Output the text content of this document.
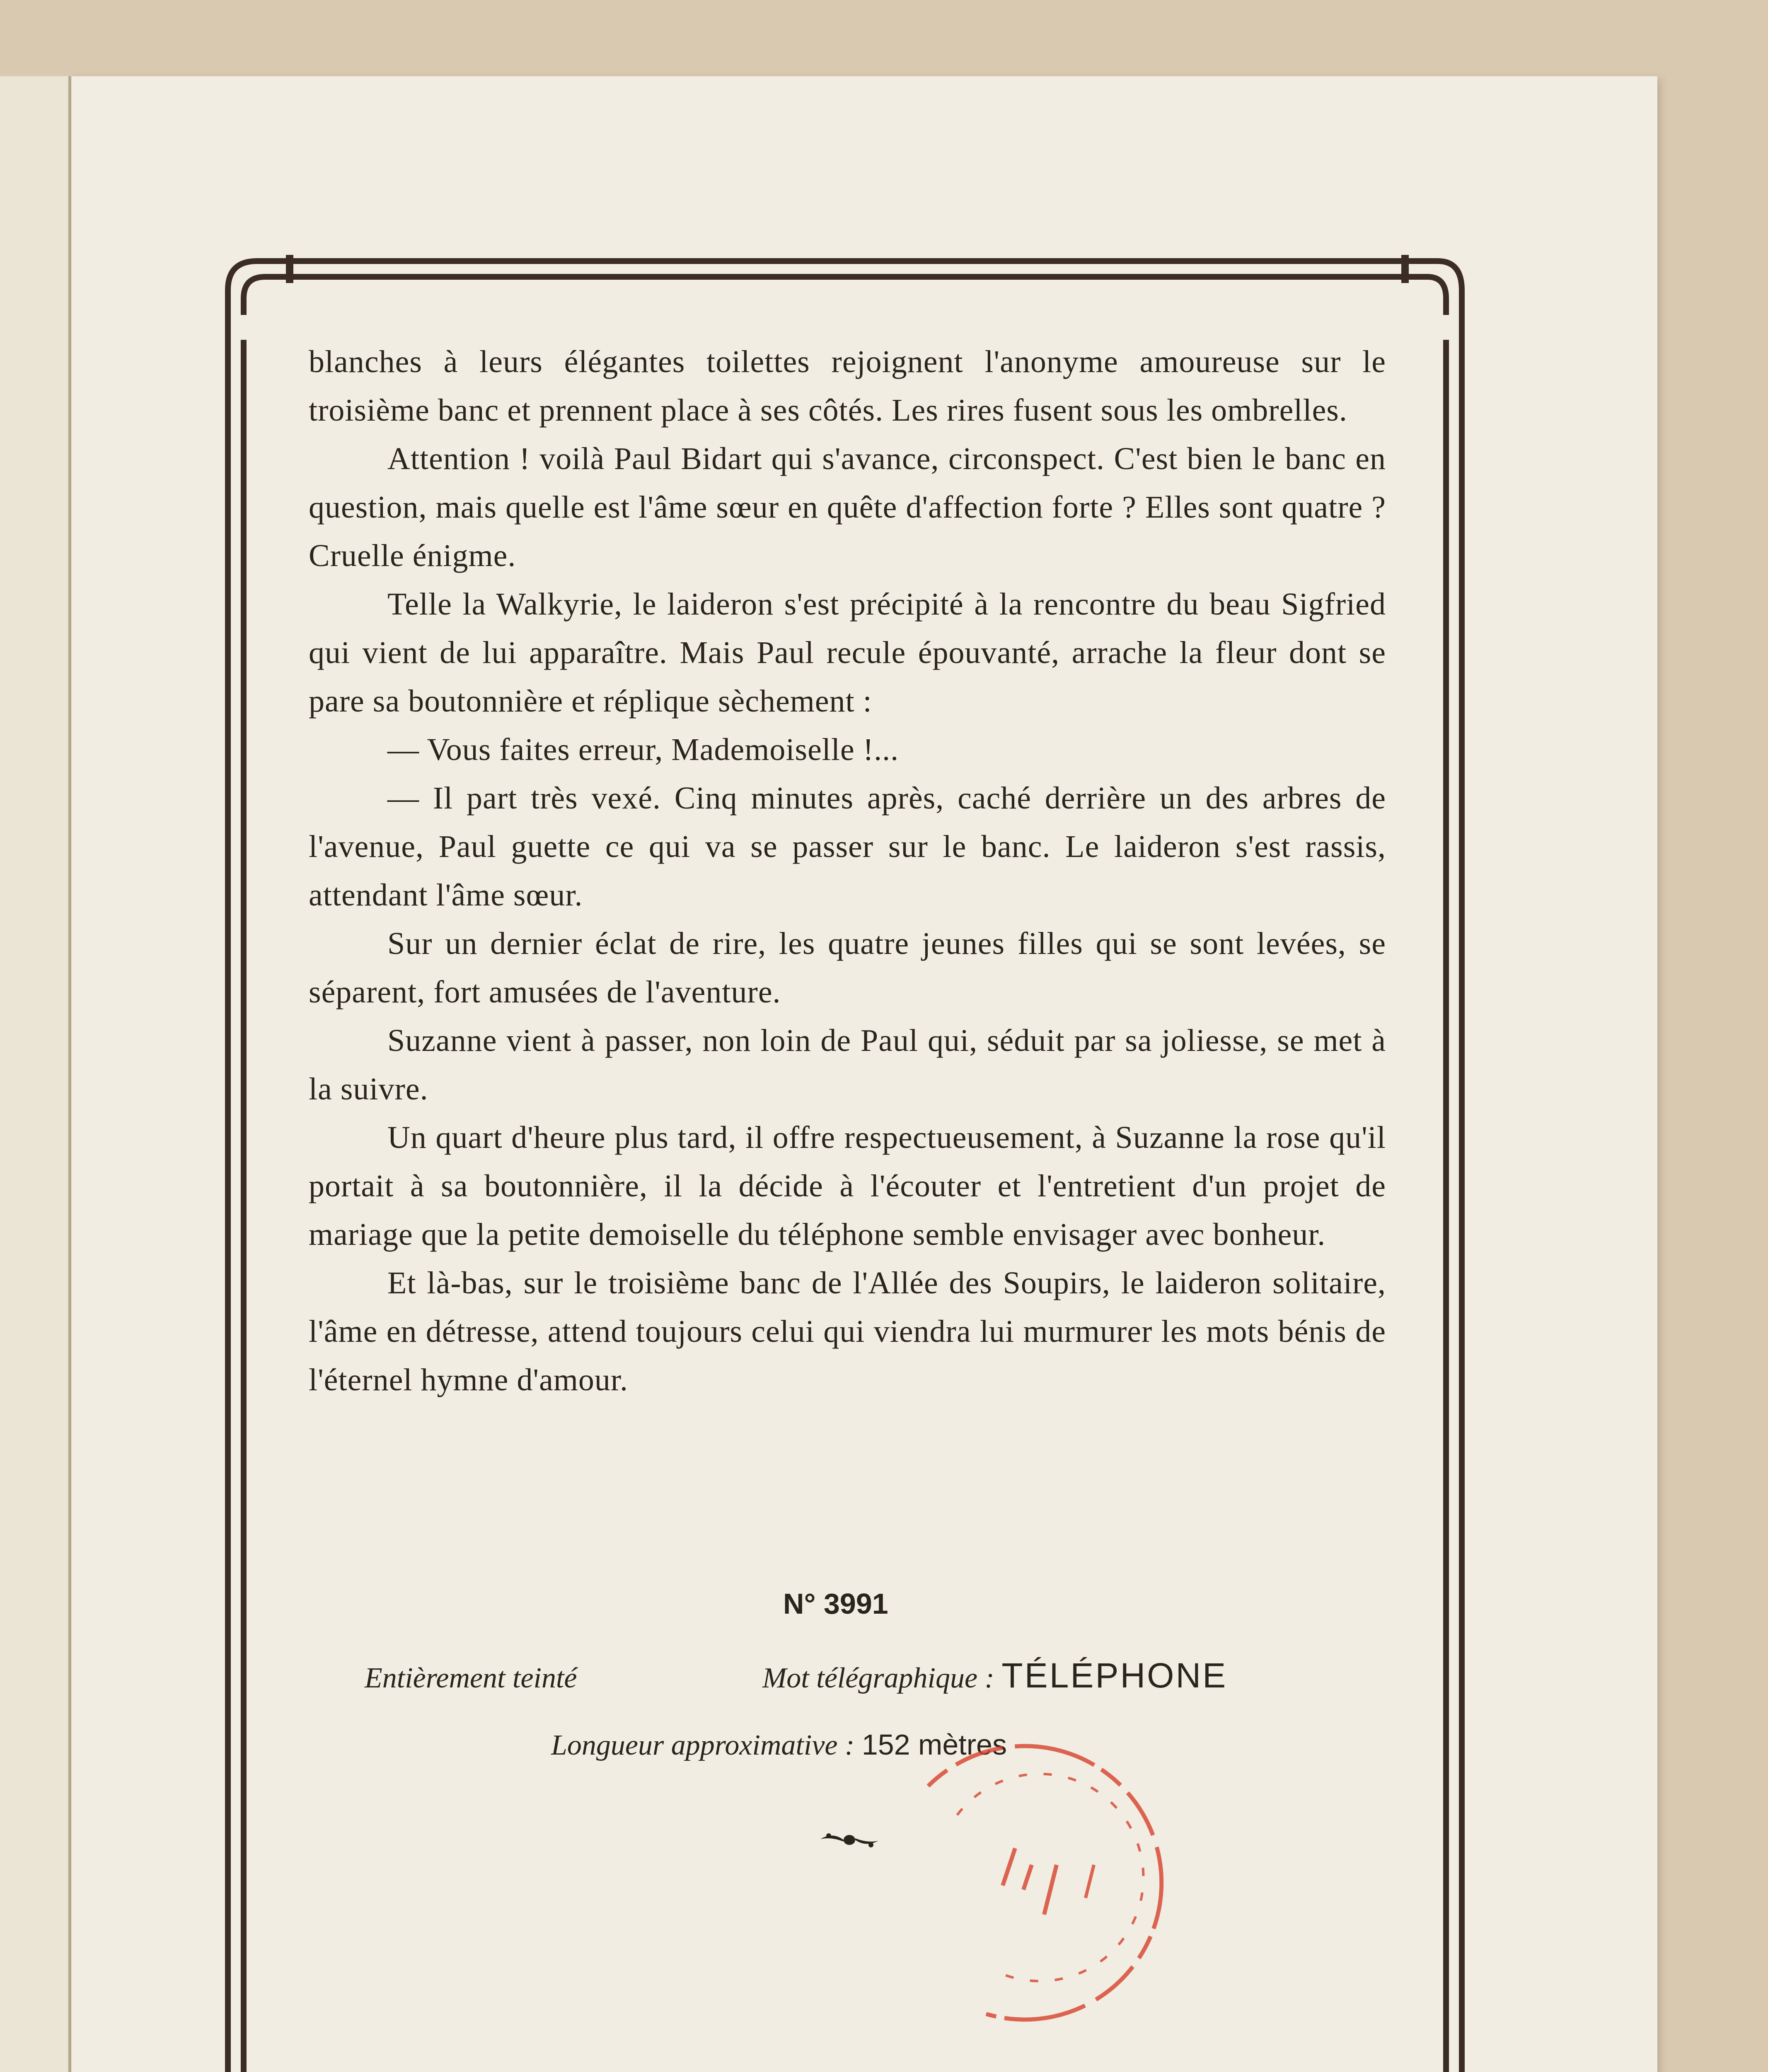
blanches à leurs élégantes toilettes rejoignent l'anonyme amoureuse sur le troisième banc et prennent place à ses côtés. Les rires fusent sous les ombrelles.

Attention ! voilà Paul Bidart qui s'avance, circonspect. C'est bien le banc en question, mais quelle est l'âme sœur en quête d'affection forte ? Elles sont quatre ? Cruelle énigme.

Telle la Walkyrie, le laideron s'est précipité à la rencontre du beau Sigfried qui vient de lui apparaître. Mais Paul recule épouvanté, arrache la fleur dont se pare sa boutonnière et réplique sèchement :

— Vous faites erreur, Mademoiselle !...

— Il part très vexé. Cinq minutes après, caché derrière un des arbres de l'avenue, Paul guette ce qui va se passer sur le banc. Le laideron s'est rassis, attendant l'âme sœur.

Sur un dernier éclat de rire, les quatre jeunes filles qui se sont levées, se séparent, fort amusées de l'aventure.

Suzanne vient à passer, non loin de Paul qui, séduit par sa joliesse, se met à la suivre.

Un quart d'heure plus tard, il offre respectueusement, à Suzanne la rose qu'il portait à sa boutonnière, il la décide à l'écouter et l'entretient d'un projet de mariage que la petite demoiselle du téléphone semble envisager avec bonheur.

Et là-bas, sur le troisième banc de l'Allée des Soupirs, le laideron solitaire, l'âme en détresse, attend toujours celui qui viendra lui murmurer les mots bénis de l'éternel hymne d'amour.

N° 3991
Entièrement teinté	Mot télégraphique : TÉLÉPHONE
Longueur approximative : 152 mètres
